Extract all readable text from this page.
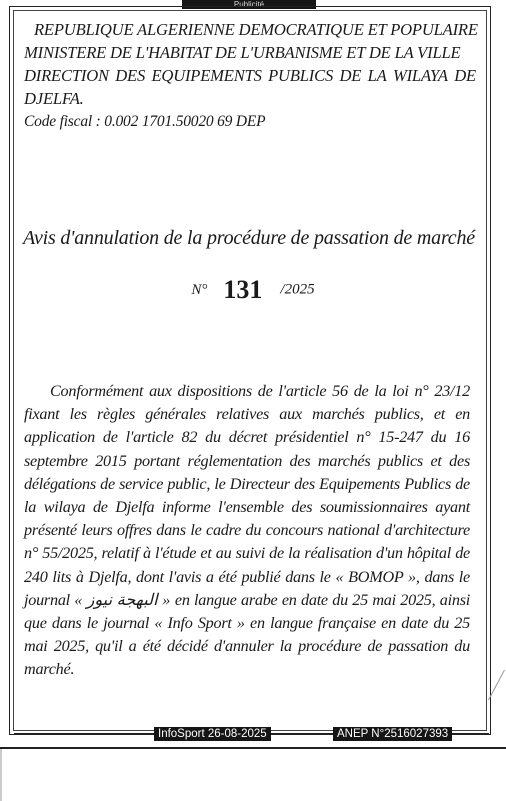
Publicité
REPUBLIQUE ALGERIENNE DEMOCRATIQUE ET POPULAIRE
MINISTERE DE L'HABITAT DE L'URBANISME ET DE LA VILLE
DIRECTION DES EQUIPEMENTS PUBLICS DE LA WILAYA DE
DJELFA.
Code fiscal : 0.002 1701.50020 69 DEP
Avis d'annulation de la procédure de passation de marché
N° 131 /2025
Conformément aux dispositions de l'article 56 de la loi n° 23/12 fixant les règles générales relatives aux marchés publics, et en application de l'article 82 du décret présidentiel n° 15-247 du 16 septembre 2015 portant réglementation des marchés publics et des délégations de service public, le Directeur des Equipements Publics de la wilaya de Djelfa informe l'ensemble des soumissionnaires ayant présenté leurs offres dans le cadre du concours national d'architecture n° 55/2025, relatif à l'étude et au suivi de la réalisation d'un hôpital de 240 lits à Djelfa, dont l'avis a été publié dans le « BOMOP », dans le journal « البهجة نيوز » en langue arabe en date du 25 mai 2025, ainsi que dans le journal « Info Sport » en langue française en date du 25 mai 2025, qu'il a été décidé d'annuler la procédure de passation du marché.
InfoSport 26-08-2025	ANEP N°2516027393
